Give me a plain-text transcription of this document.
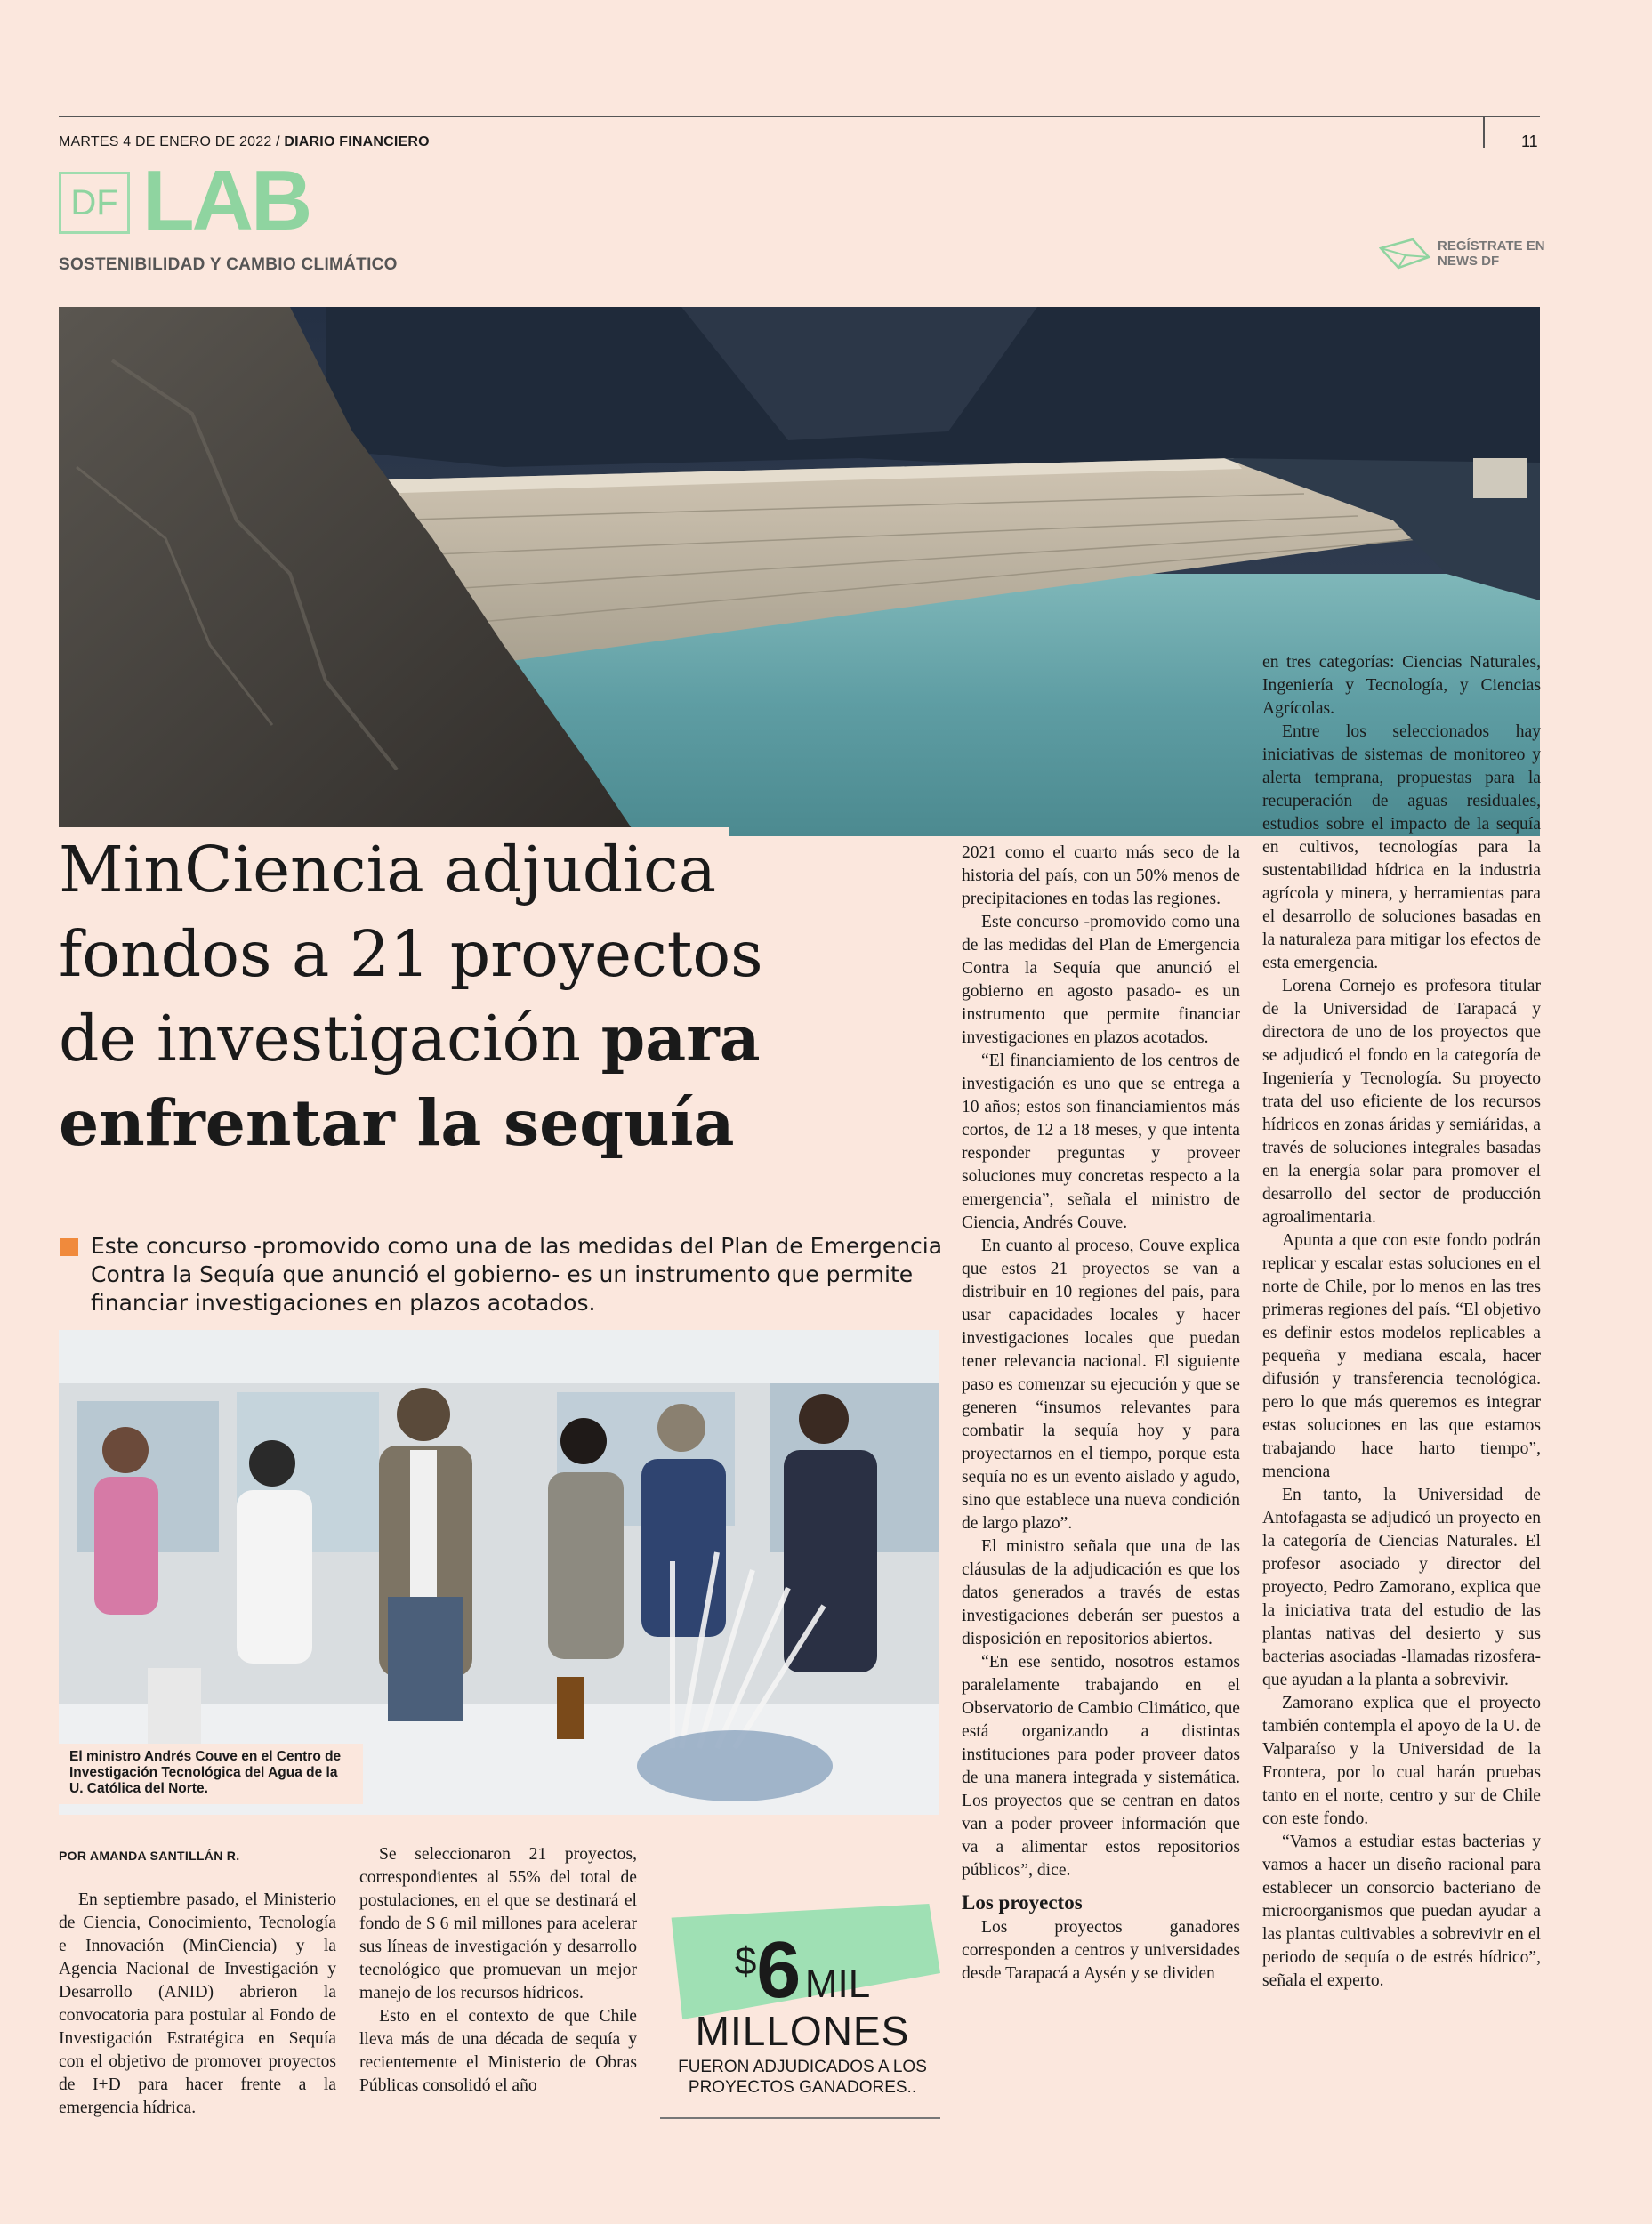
MARTES 4 DE ENERO DE 2022 / DIARIO FINANCIERO	11
DF LAB
SOSTENIBILIDAD Y CAMBIO CLIMÁTICO
REGÍSTRATE EN
NEWS DF
MinCiencia adjudica
fondos a 21 proyectos
de investigación para
enfrentar la sequía
Este concurso -promovido como una de las medidas del Plan de Emergencia Contra la Sequía que anunció el gobierno- es un instrumento que permite financiar investigaciones en plazos acotados.
El ministro Andrés Couve en el Centro de Investigación Tecnológica del Agua de la U. Católica del Norte.
POR AMANDA SANTILLÁN R.

En septiembre pasado, el Ministerio de Ciencia, Conocimiento, Tecnología e Innovación (MinCiencia) y la Agencia Nacional de Investigación y Desarrollo (ANID) abrieron la convocatoria para postular al Fondo de Investigación Estratégica en Sequía con el objetivo de promover proyectos de I+D para hacer frente a la emergencia hídrica.

Se seleccionaron 21 proyectos, correspondientes al 55% del total de postulaciones, en el que se destinará el fondo de $ 6 mil millones para acelerar sus líneas de investigación y desarrollo tecnológico que promuevan un mejor manejo de los recursos hídricos.

Esto en el contexto de que Chile lleva más de una década de sequía y recientemente el Ministerio de Obras Públicas consolidó el año

$6 MIL
MILLONES
FUERON ADJUDICADOS A LOS PROYECTOS GANADORES..

2021 como el cuarto más seco de la historia del país, con un 50% menos de precipitaciones en todas las regiones.

Este concurso -promovido como una de las medidas del Plan de Emergencia Contra la Sequía que anunció el gobierno en agosto pasado- es un instrumento que permite financiar investigaciones en plazos acotados.

“El financiamiento de los centros de investigación es uno que se entrega a 10 años; estos son financiamientos más cortos, de 12 a 18 meses, y que intenta responder preguntas y proveer soluciones muy concretas respecto a la emergencia”, señala el ministro de Ciencia, Andrés Couve.

En cuanto al proceso, Couve explica que estos 21 proyectos se van a distribuir en 10 regiones del país, para usar capacidades locales y hacer investigaciones locales que puedan tener relevancia nacional. El siguiente paso es comenzar su ejecución y que se generen “insumos relevantes para combatir la sequía hoy y para proyectarnos en el tiempo, porque esta sequía no es un evento aislado y agudo, sino que establece una nueva condición de largo plazo”.

El ministro señala que una de las cláusulas de la adjudicación es que los datos generados a través de estas investigaciones deberán ser puestos a disposición en repositorios abiertos.

“En ese sentido, nosotros estamos paralelamente trabajando en el Observatorio de Cambio Climático, que está organizando a distintas instituciones para poder proveer datos de una manera integrada y sistemática. Los proyectos que se centran en datos van a poder proveer información que va a alimentar estos repositorios públicos”, dice.

Los proyectos

Los proyectos ganadores corresponden a centros y universidades desde Tarapacá a Aysén y se dividen

en tres categorías: Ciencias Naturales, Ingeniería y Tecnología, y Ciencias Agrícolas.

Entre los seleccionados hay iniciativas de sistemas de monitoreo y alerta temprana, propuestas para la recuperación de aguas residuales, estudios sobre el impacto de la sequía en cultivos, tecnologías para la sustentabilidad hídrica en la industria agrícola y minera, y herramientas para el desarrollo de soluciones basadas en la naturaleza para mitigar los efectos de esta emergencia.

Lorena Cornejo es profesora titular de la Universidad de Tarapacá y directora de uno de los proyectos que se adjudicó el fondo en la categoría de Ingeniería y Tecnología. Su proyecto trata del uso eficiente de los recursos hídricos en zonas áridas y semiáridas, a través de soluciones integrales basadas en la energía solar para promover el desarrollo del sector de producción agroalimentaria.

Apunta a que con este fondo podrán replicar y escalar estas soluciones en el norte de Chile, por lo menos en las tres primeras regiones del país. “El objetivo es definir estos modelos replicables a pequeña y mediana escala, hacer difusión y transferencia tecnológica. pero lo que más queremos es integrar estas soluciones en las que estamos trabajando hace harto tiempo”, menciona

En tanto, la Universidad de Antofagasta se adjudicó un proyecto en la categoría de Ciencias Naturales. El profesor asociado y director del proyecto, Pedro Zamorano, explica que la iniciativa trata del estudio de las plantas nativas del desierto y sus bacterias asociadas -llamadas rizosfera- que ayudan a la planta a sobrevivir.

Zamorano explica que el proyecto también contempla el apoyo de la U. de Valparaíso y la Universidad de la Frontera, por lo cual harán pruebas tanto en el norte, centro y sur de Chile con este fondo.

“Vamos a estudiar estas bacterias y vamos a hacer un diseño racional para establecer un consorcio bacteriano de microorganismos que puedan ayudar a las plantas cultivables a sobrevivir en el periodo de sequía o de estrés hídrico”, señala el experto.
